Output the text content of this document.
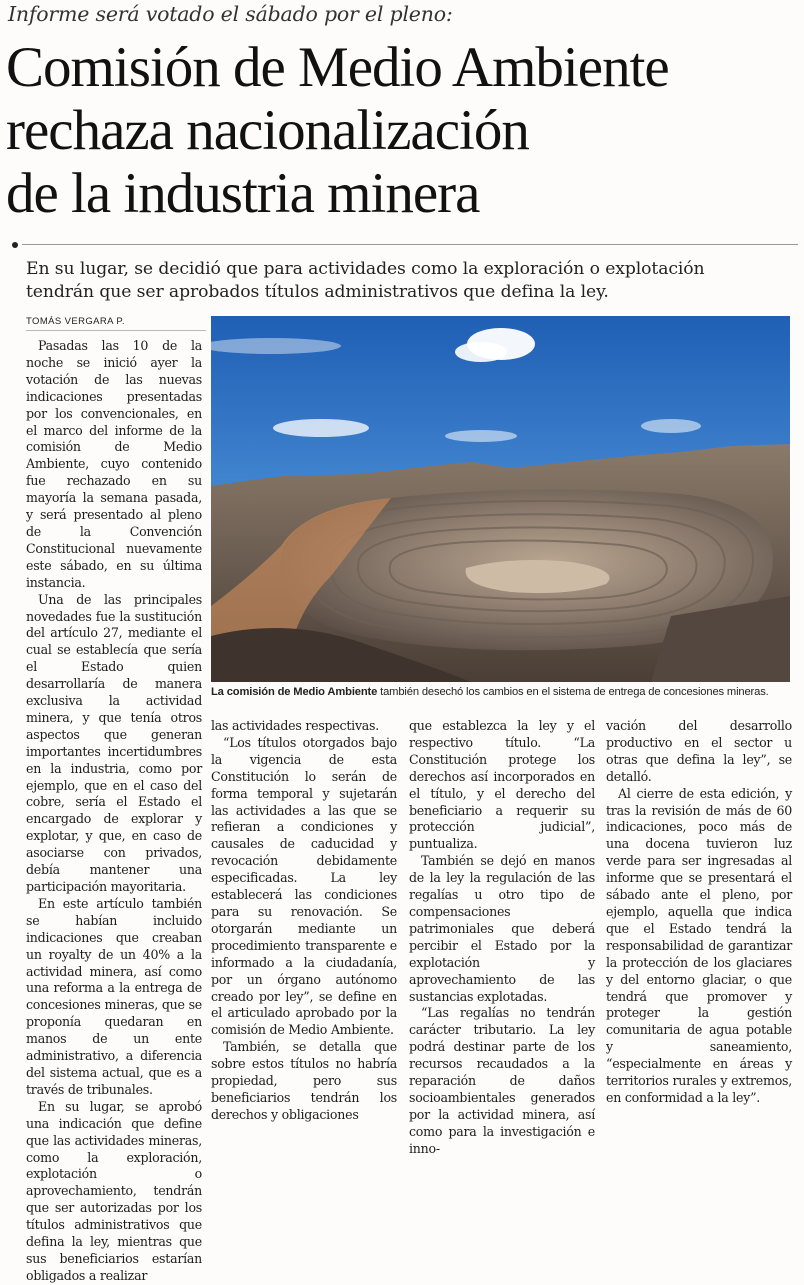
Informe será votado el sábado por el pleno:
Comisión de Medio Ambiente
rechaza nacionalización
de la industria minera
En su lugar, se decidió que para actividades como la exploración o explotación
tendrán que ser aprobados títulos administrativos que defina la ley.
TOMÁS VERGARA P.
La comisión de Medio Ambiente también desechó los cambios en el sistema de entrega de concesiones mineras.

Pasadas las 10 de la noche se inició ayer la votación de las nuevas indicaciones presentadas por los convencionales, en el marco del informe de la comisión de Medio Ambiente, cuyo contenido fue rechazado en su mayoría la semana pasada, y será presentado al pleno de la Convención Constitucional nuevamente este sábado, en su última instancia.

Una de las principales novedades fue la sustitución del artículo 27, mediante el cual se establecía que sería el Estado quien desarrollaría de manera exclusiva la actividad minera, y que tenía otros aspectos que generan importantes incertidumbres en la industria, como por ejemplo, que en el caso del cobre, sería el Estado el encargado de explorar y explotar, y que, en caso de asociarse con privados, debía mantener una participación mayoritaria.

En este artículo también se habían incluido indicaciones que creaban un royalty de un 40% a la actividad minera, así como una reforma a la entrega de concesiones mineras, que se proponía quedaran en manos de un ente administrativo, a diferencia del sistema actual, que es a través de tribunales.

En su lugar, se aprobó una indicación que define que las actividades mineras, como la exploración, explotación o aprovechamiento, tendrán que ser autorizadas por los títulos administrativos que defina la ley, mientras que sus beneficiarios estarían obligados a realizar

las actividades respectivas.

“Los títulos otorgados bajo la vigencia de esta Constitución lo serán de forma temporal y sujetarán las actividades a las que se refieran a condiciones y causales de caducidad y revocación debidamente especificadas. La ley establecerá las condiciones para su renovación. Se otorgarán mediante un procedimiento transparente e informado a la ciudadanía, por un órgano autónomo creado por ley”, se define en el articulado aprobado por la comisión de Medio Ambiente.

También, se detalla que sobre estos títulos no habría propiedad, pero sus beneficiarios tendrán los derechos y obligaciones

que establezca la ley y el respectivo título. “La Constitución protege los derechos así incorporados en el título, y el derecho del beneficiario a requerir su protección judicial”, puntualiza.

También se dejó en manos de la ley la regulación de las regalías u otro tipo de compensaciones patrimoniales que deberá percibir el Estado por la explotación y aprovechamiento de las sustancias explotadas.

“Las regalías no tendrán carácter tributario. La ley podrá destinar parte de los recursos recaudados a la reparación de daños socioambientales generados por la actividad minera, así como para la investigación e inno-

vación del desarrollo productivo en el sector u otras que defina la ley”, se detalló.

Al cierre de esta edición, y tras la revisión de más de 60 indicaciones, poco más de una docena tuvieron luz verde para ser ingresadas al informe que se presentará el sábado ante el pleno, por ejemplo, aquella que indica que el Estado tendrá la responsabilidad de garantizar la protección de los glaciares y del entorno glaciar, o que tendrá que promover y proteger la gestión comunitaria de agua potable y saneamiento, “especialmente en áreas y territorios rurales y extremos, en conformidad a la ley”.
